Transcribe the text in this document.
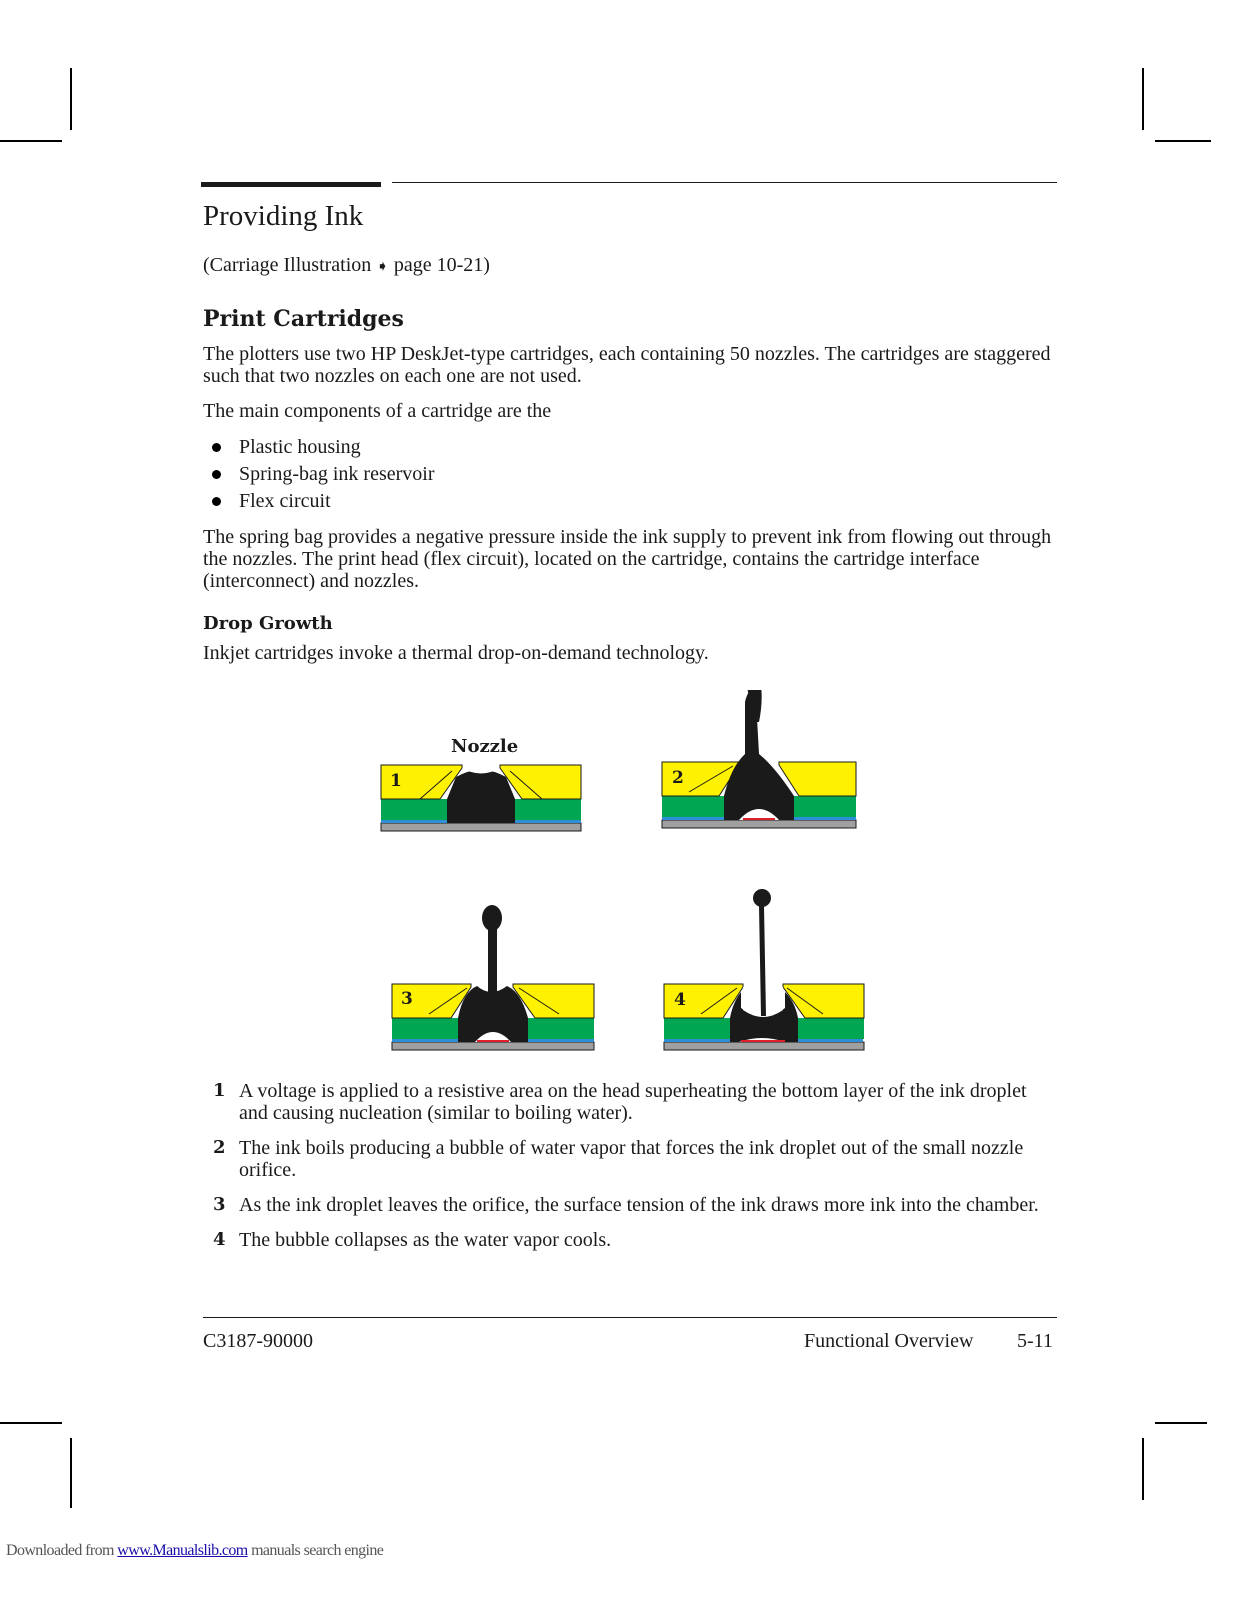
Providing Ink
(Carriage Illustration ➧ page 10-21)
Print Cartridges
The plotters use two HP DeskJet-type cartridges, each containing 50 nozzles. The cartridges are staggered such that two nozzles on each one are not used.
The main components of a cartridge are the
Plastic housing
Spring-bag ink reservoir
Flex circuit
The spring bag provides a negative pressure inside the ink supply to prevent ink from flowing out through the nozzles. The print head (flex circuit), located on the cartridge, contains the cartridge interface (interconnect) and nozzles.
Drop Growth
Inkjet cartridges invoke a thermal drop-on-demand technology.
Nozzle
1	2
3	4
1 A voltage is applied to a resistive area on the head superheating the bottom layer of the ink droplet and causing nucleation (similar to boiling water).
2 The ink boils producing a bubble of water vapor that forces the ink droplet out of the small nozzle orifice.
3 As the ink droplet leaves the orifice, the surface tension of the ink draws more ink into the chamber.
4 The bubble collapses as the water vapor cools.
C3187-90000	Functional Overview 5-11
Downloaded from www.Manualslib.com manuals search engine
